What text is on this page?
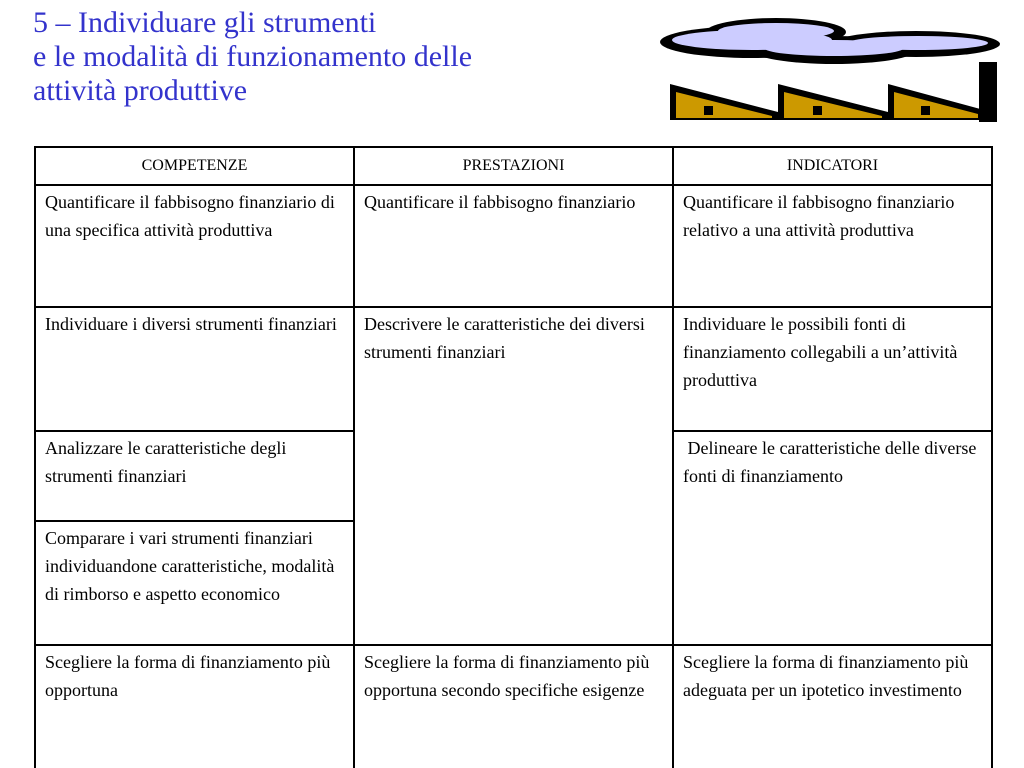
5 – Individuare gli strumenti
e le modalità di funzionamento delle
attività produttive
COMPETENZE	PRESTAZIONI	INDICATORI
Quantificare il fabbisogno finanziario di una specifica attività produttiva	Quantificare il fabbisogno finanziario	Quantificare il fabbisogno finanziario relativo a una attività produttiva
Individuare i diversi strumenti finanziari	Descrivere le caratteristiche dei diversi strumenti finanziari	Individuare le possibili fonti di finanziamento collegabili a un’attività produttiva
Analizzare le caratteristiche degli strumenti finanziari		Delineare le caratteristiche delle diverse fonti di finanziamento
Comparare i vari strumenti finanziari individuandone caratteristiche, modalità di rimborso e aspetto economico		
Scegliere la forma di finanziamento più opportuna	Scegliere la forma di finanziamento più opportuna secondo specifiche esigenze	Scegliere la forma di finanziamento più adeguata per un ipotetico investimento
